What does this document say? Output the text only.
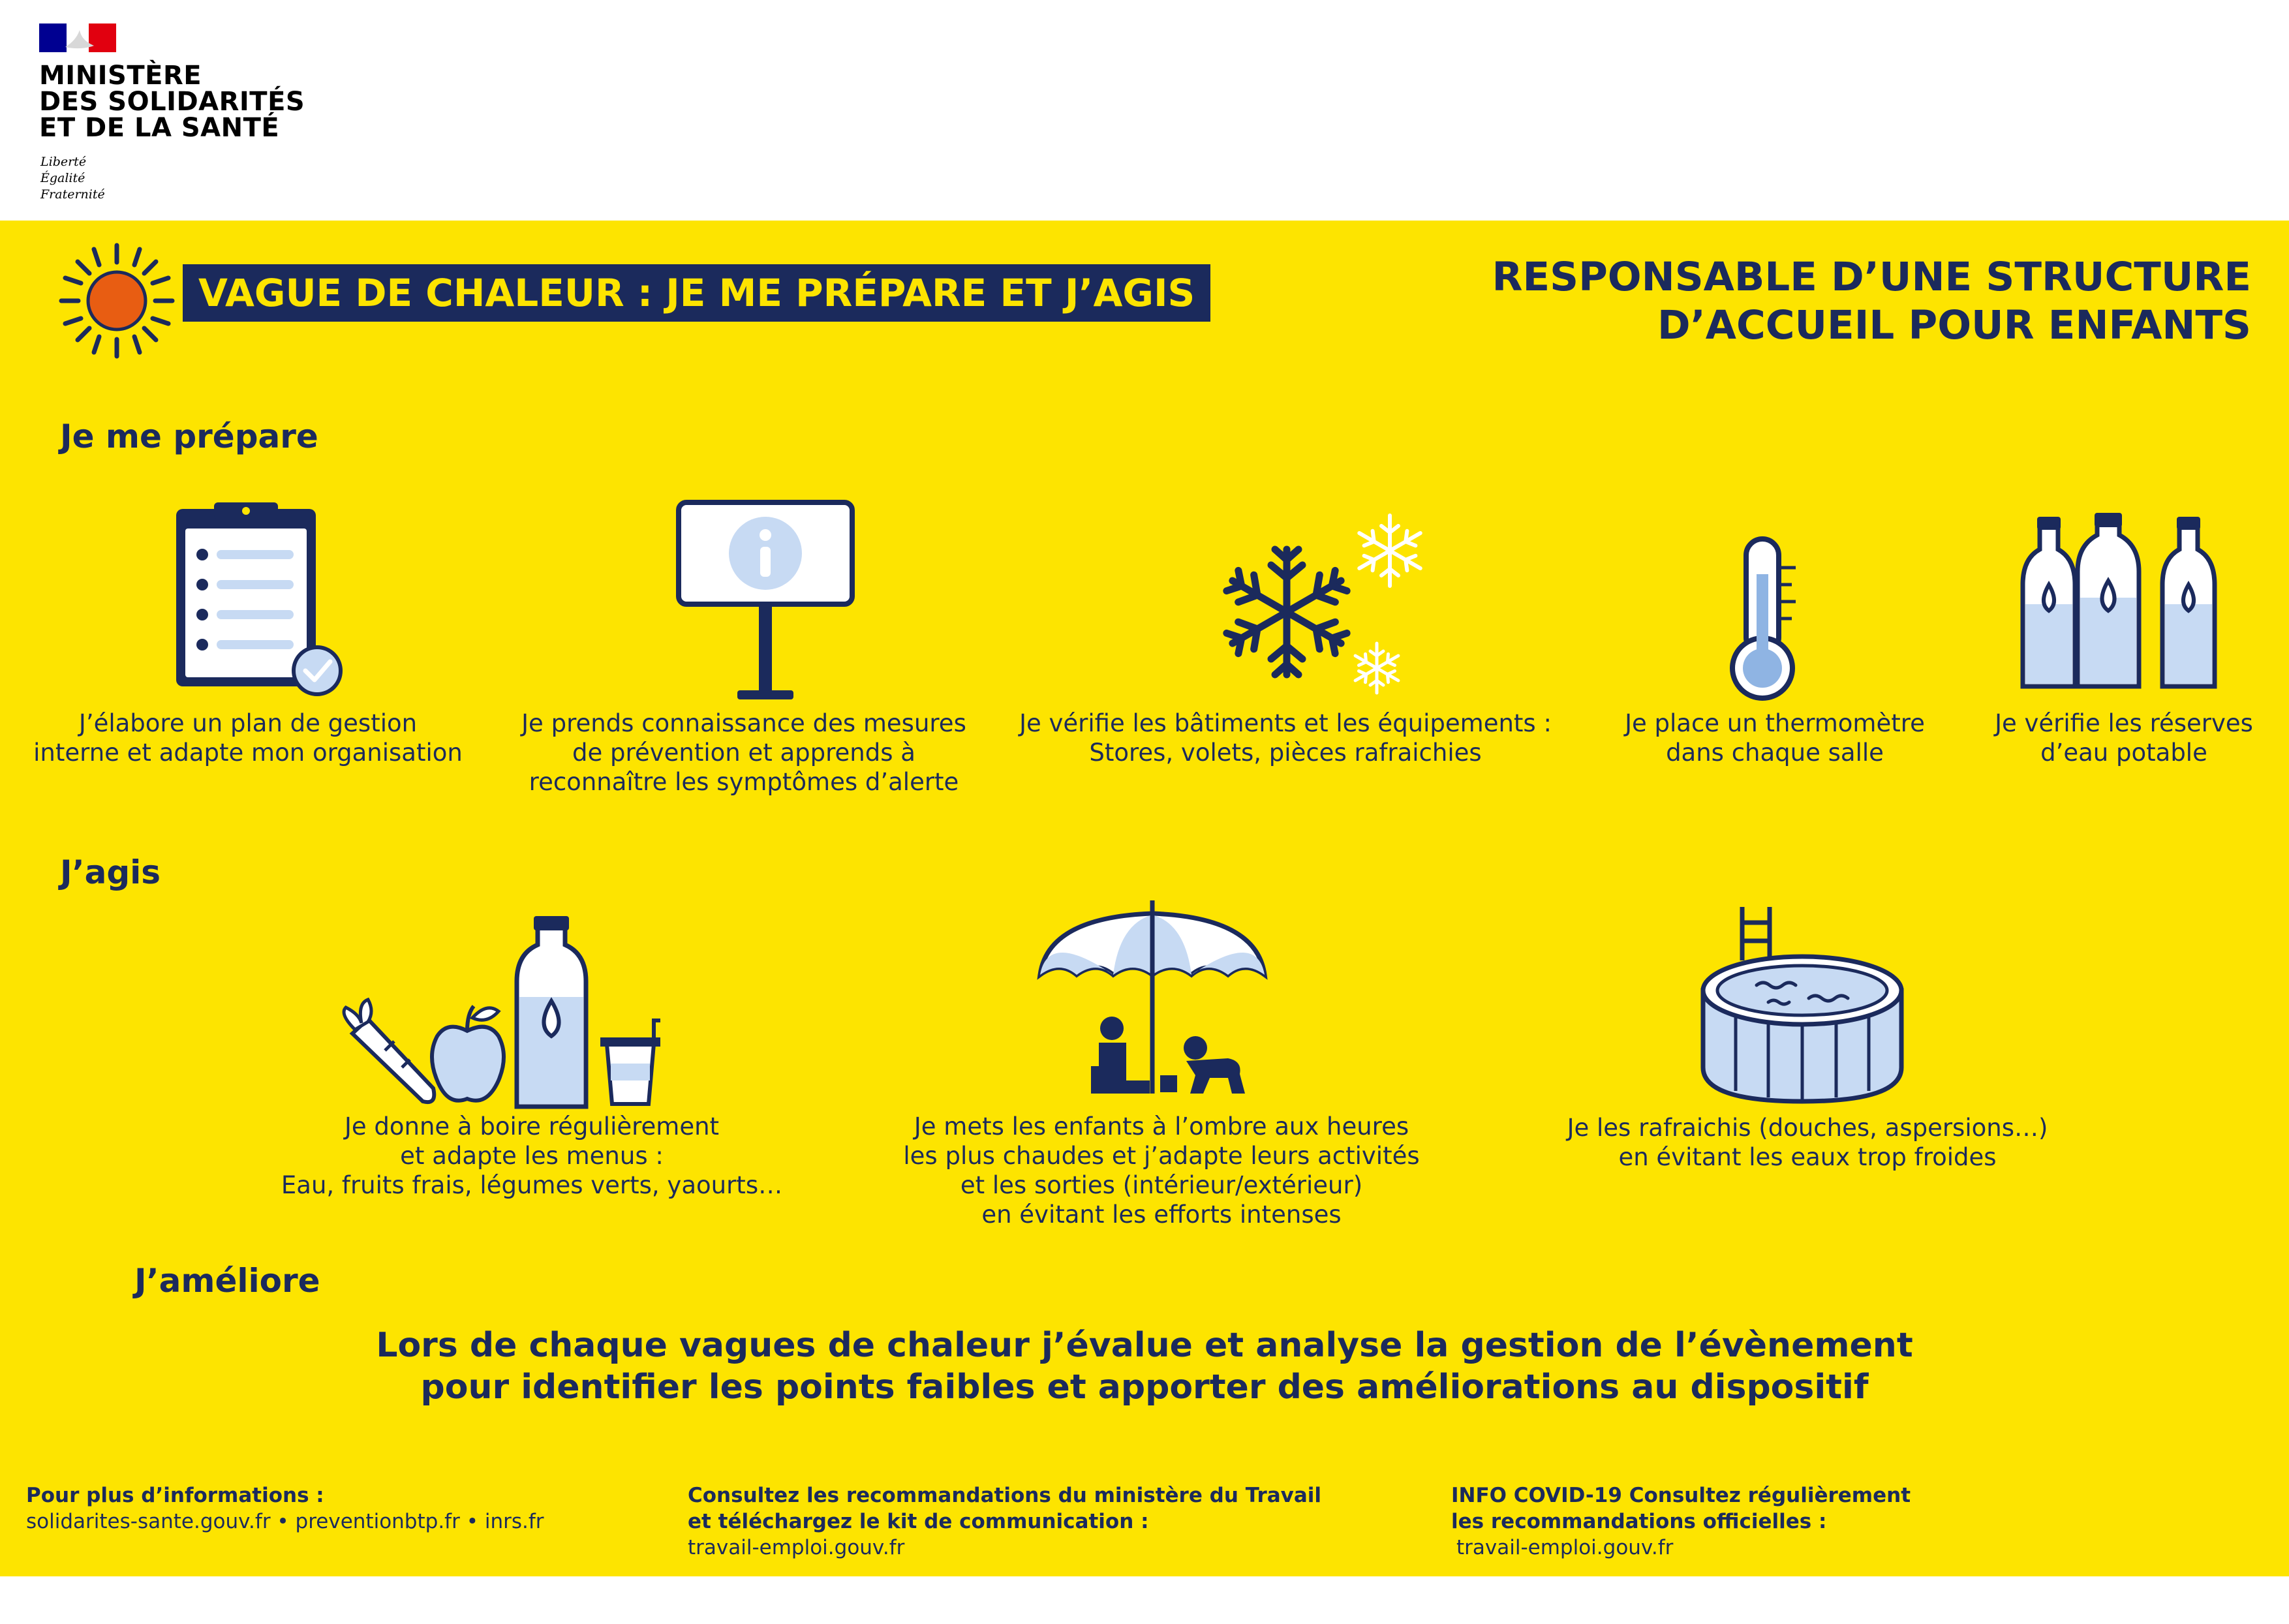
MINISTÈRE
DES SOLIDARITÉS
ET DE LA SANTÉ
Liberté
Égalité
Fraternité
VAGUE DE CHALEUR : JE ME PRÉPARE ET J’AGIS	RESPONSABLE D’UNE STRUCTURE
D’ACCUEIL POUR ENFANTS
Je me prépare
J’élabore un plan de gestion
interne et adapte mon organisation
Je prends connaissance des mesures
de prévention et apprends à
reconnaître les symptômes d’alerte
Je vérifie les bâtiments et les équipements :
Stores, volets, pièces rafraichies
Je place un thermomètre
dans chaque salle
Je vérifie les réserves
d’eau potable
J’agis
Je donne à boire régulièrement
et adapte les menus :
Eau, fruits frais, légumes verts, yaourts…
Je mets les enfants à l’ombre aux heures
les plus chaudes et j’adapte leurs activités
et les sorties (intérieur/extérieur)
en évitant les efforts intenses
Je les rafraichis (douches, aspersions…)
en évitant les eaux trop froides
J’améliore
Lors de chaque vagues de chaleur j’évalue et analyse la gestion de l’évènement
pour identifier les points faibles et apporter des améliorations au dispositif
Pour plus d’informations :
solidarites-sante.gouv.fr • preventionbtp.fr • inrs.fr
Consultez les recommandations du ministère du Travail
et téléchargez le kit de communication :
travail-emploi.gouv.fr
INFO COVID-19 Consultez régulièrement
les recommandations officielles :
travail-emploi.gouv.fr
